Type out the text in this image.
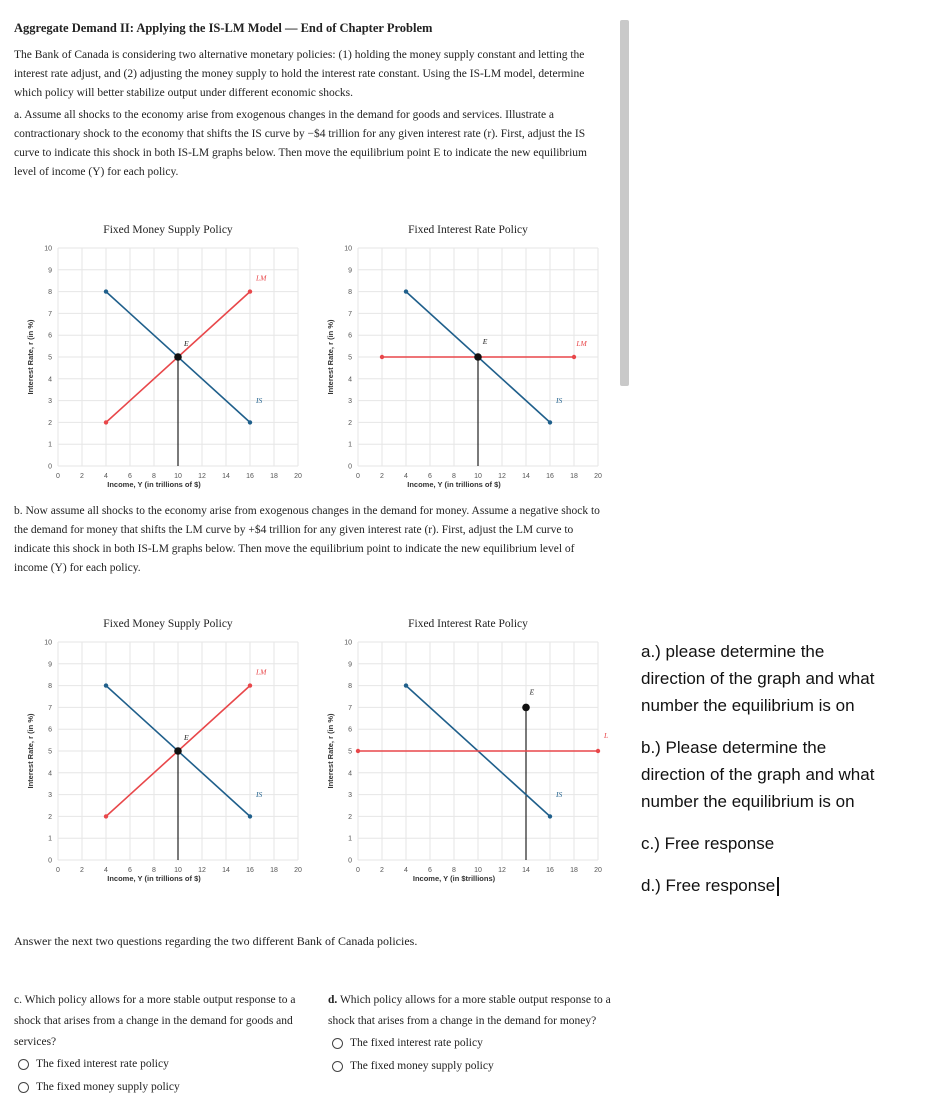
Aggregate Demand II: Applying the IS-LM Model — End of Chapter Problem
The Bank of Canada is considering two alternative monetary policies: (1) holding the money supply constant and letting the interest rate adjust, and (2) adjusting the money supply to hold the interest rate constant. Using the IS-LM model, determine which policy will better stabilize output under different economic shocks.
a. Assume all shocks to the economy arise from exogenous changes in the demand for goods and services. Illustrate a contractionary shock to the economy that shifts the IS curve by −$4 trillion for any given interest rate (r). First, adjust the IS curve to indicate this shock in both IS-LM graphs below. Then move the equilibrium point E to indicate the new equilibrium level of income (Y) for each policy.
0
1
2
3
4
5
6
7
8
9
10
0	2	4	6	8	10 12 14 16 18 20
Fixed Money Supply Policy
Income, Y (in trillions of $)
Interest Rate, r (in %)
IS
LM
E
0
1
2
3
4
5
6
7
8
9
10
0	2	4	6	8	10 12 14 16 18 20
Fixed Interest Rate Policy
Income, Y (in trillions of $)
Interest Rate, r (in %)
IS
LM
E
b. Now assume all shocks to the economy arise from exogenous changes in the demand for money. Assume a negative shock to the demand for money that shifts the LM curve by +$4 trillion for any given interest rate (r). First, adjust the LM curve to indicate this shock in both IS-LM graphs below. Then move the equilibrium point to indicate the new equilibrium level of income (Y) for each policy.
0
1
2
3
4
5
6
7
8
9
10
0	2	4	6	8	10 12 14 16 18 20
Fixed Money Supply Policy
Income, Y (in trillions of $)
Interest Rate, r (in %)
IS
LM
E
0
1
2
3
4
5
6
7
8
9
10
0	2	4	6	8	10 12 14 16 18 20
Fixed Interest Rate Policy
Income, Y (in $trillions)
Interest Rate, r (in %)
IS
L
E
Answer the next two questions regarding the two different Bank of Canada policies.
c. Which policy allows for a more stable output response to a shock that arises from a change in the demand for goods and services?
The fixed interest rate policy
The fixed money supply policy
d. Which policy allows for a more stable output response to a shock that arises from a change in the demand for money?
The fixed interest rate policy
The fixed money supply policy

a.) please determine the direction of the graph and what number the equilibrium is on

b.) Please determine the direction of the graph and what number the equilibrium is on

c.) Free response

d.) Free response
